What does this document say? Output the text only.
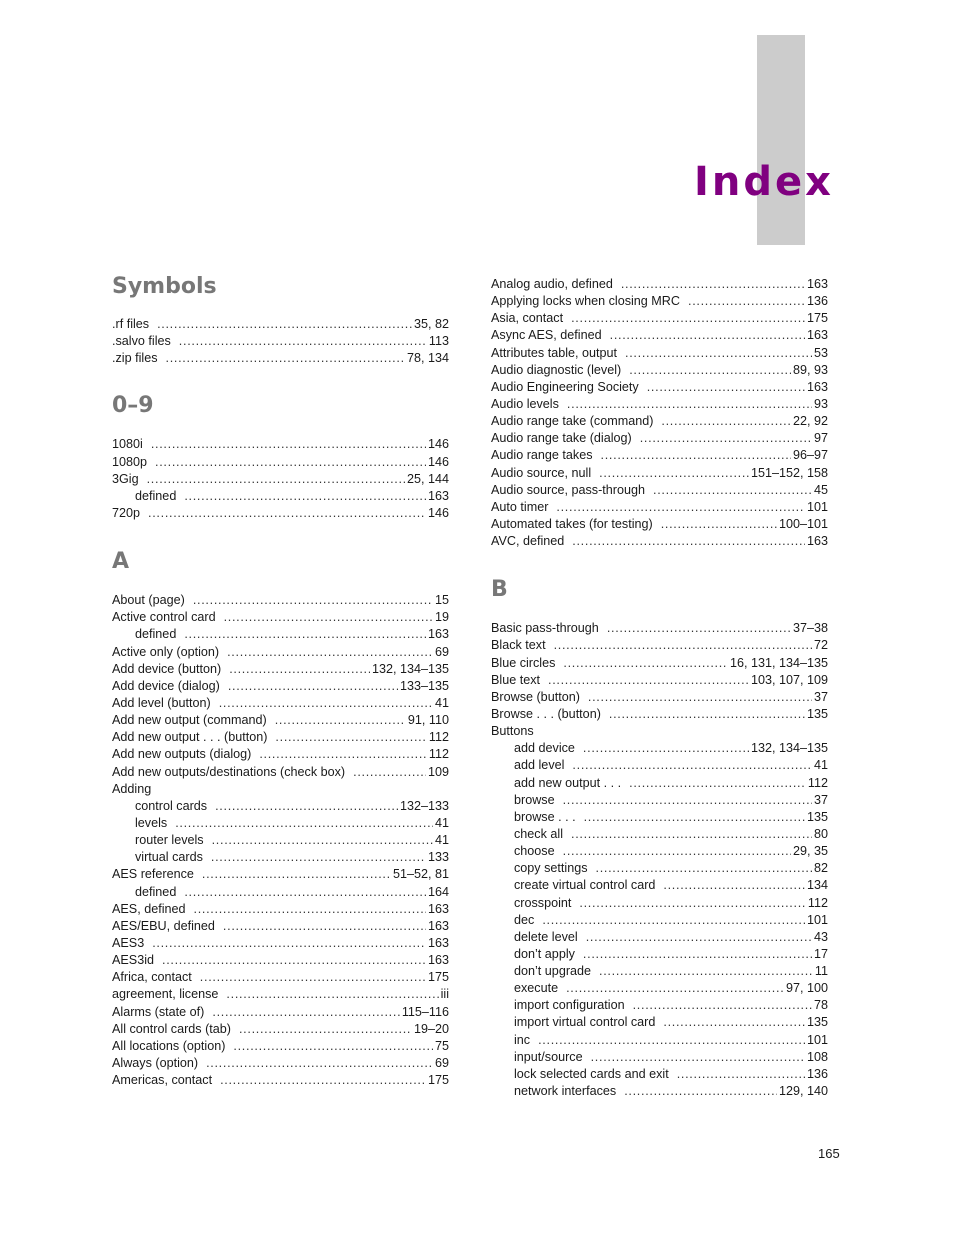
Index
Symbols
.rf files . . .	35, 82
.salvo files . . .	113
.zip files . . .	78, 134
0–9
1080i . . .	146
1080p . . .	146
3Gig . . .	25, 144
defined . . .	163
720p . . .	146
A
About (page) . . .	15
Active control card . . .	19
defined . . .	163
Active only (option) . . .	69
Add device (button) . . .	132, 134–135
Add device (dialog) . . .	133–135
Add level (button) . . .	41
Add new output (command) . . .	91, 110
Add new output . . . (button) . . .	112
Add new outputs (dialog) . . .	112
Add new outputs/destinations (check box) . . .	109
Adding
control cards . . .	132–133
levels . . .	41
router levels . . .	41
virtual cards . . .	133
AES reference . . .	51–52, 81
defined . . .	164
AES, defined . . .	163
AES/EBU, defined . . .	163
AES3 . . .	163
AES3id . . .	163
Africa, contact . . .	175
agreement, license . . .	iii
Alarms (state of) . . .	115–116
All control cards (tab) . . .	19–20
All locations (option) . . .	75
Always (option) . . .	69
Americas, contact . . .	175
Analog audio, defined . . .	163
Applying locks when closing MRC . . .	136
Asia, contact . . .	175
Async AES, defined . . .	163
Attributes table, output . . .	53
Audio diagnostic (level) . . .	89, 93
Audio Engineering Society . . .	163
Audio levels . . .	93
Audio range take (command) . . .	22, 92
Audio range take (dialog) . . .	97
Audio range takes . . .	96–97
Audio source, null . . .	151–152, 158
Audio source, pass-through . . .	45
Auto timer . . .	101
Automated takes (for testing) . . .	100–101
AVC, defined . . .	163
B
Basic pass-through . . .	37–38
Black text . . .	72
Blue circles . . .	16, 131, 134–135
Blue text . . .	103, 107, 109
Browse (button) . . .	37
Browse . . . (button) . . .	135
Buttons
add device . . .	132, 134–135
add level . . .	41
add new output . . . . . .	112
browse . . .	37
browse . . . . . .	135
check all . . .	80
choose . . .	29, 35
copy settings . . .	82
create virtual control card . . .	134
crosspoint . . .	112
dec . . .	101
delete level . . .	43
don’t apply . . .	17
don’t upgrade . . .	11
execute . . .	97, 100
import configuration . . .	78
import virtual control card . . .	135
inc . . .	101
input/source . . .	108
lock selected cards and exit . . .	136
network interfaces . . .	129, 140
165
